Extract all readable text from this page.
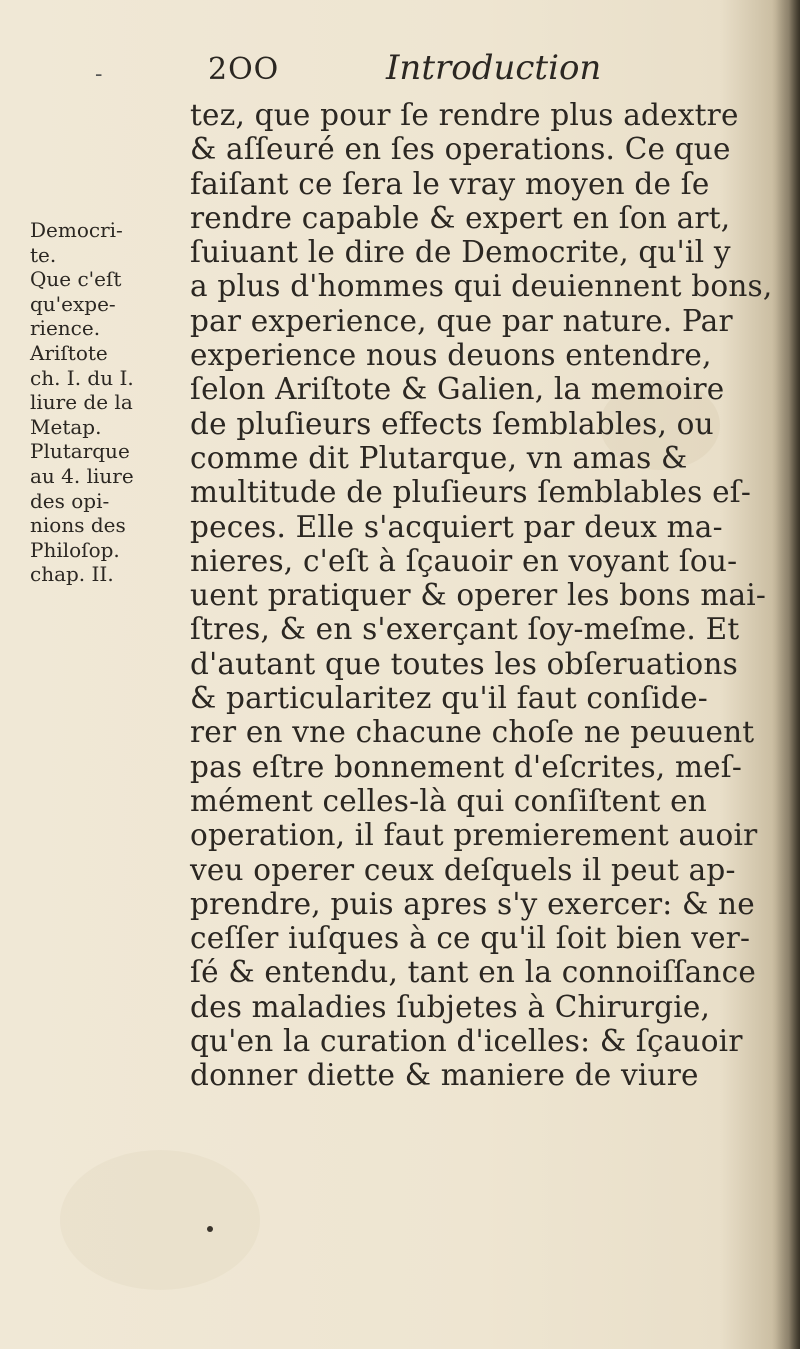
-	2OO	Introduction
tez, que pour ſe rendre plus adextre
& aſſeuré en ſes operations. Ce que
faiſant ce ſera le vray moyen de ſe
rendre capable & expert en ſon art,
ſuiuant le dire de Democrite, qu'il y
a plus d'hommes qui deuiennent bons,
par experience, que par nature. Par
experience nous deuons entendre,
ſelon Ariſtote & Galien, la memoire
de pluſieurs effects ſemblables, ou
comme dit Plutarque, vn amas &
multitude de pluſieurs ſemblables eſ-
peces. Elle s'acquiert par deux ma-
nieres, c'eſt à ſçauoir en voyant ſou-
uent pratiquer & operer les bons mai-
ſtres, & en s'exerçant ſoy-meſme. Et
d'autant que toutes les obſeruations
& particularitez qu'il faut conſide-
rer en vne chacune choſe ne peuuent
pas eſtre bonnement d'eſcrites, meſ-
mément celles-là qui conſiſtent en
operation, il faut premierement auoir
veu operer ceux deſquels il peut ap-
prendre, puis apres s'y exercer: & ne
ceſſer iuſques à ce qu'il ſoit bien ver-
ſé & entendu, tant en la connoiſſance
des maladies ſubjetes à Chirurgie,
qu'en la curation d'icelles: & ſçauoir
donner diette & maniere de viure
Democri-
te.
Que c'eſt
qu'expe-
rience.
Ariſtote
ch. I. du I.
liure de la
Metap.
Plutarque
au 4. liure
des opi-
nions des
Philoſop.
chap. II.
